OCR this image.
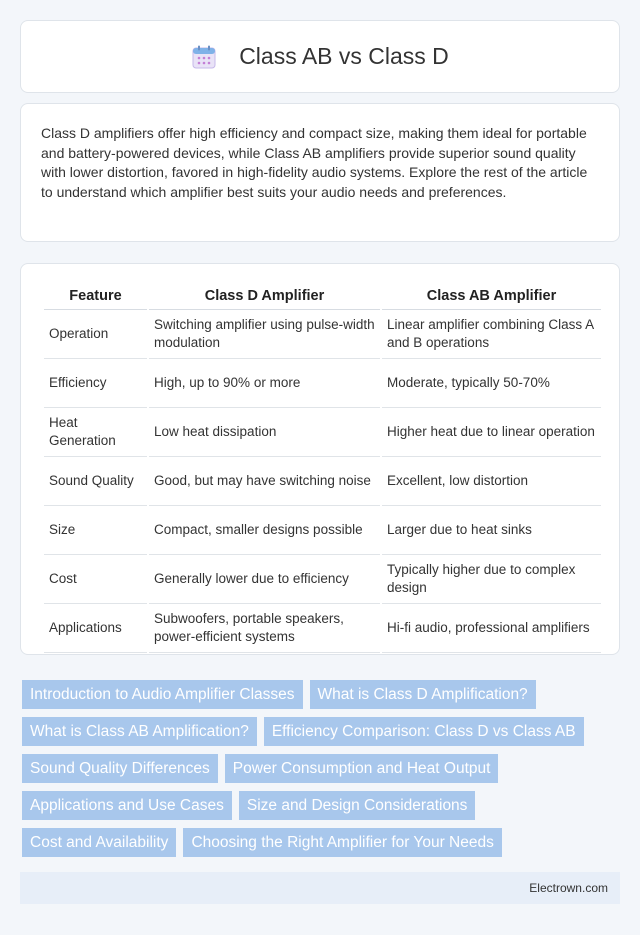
Class AB vs Class D

Class D amplifiers offer high efficiency and compact size, making them ideal for portable and battery-powered devices, while Class AB amplifiers provide superior sound quality with lower distortion, favored in high-fidelity audio systems. Explore the rest of the article to understand which amplifier best suits your audio needs and preferences.

Feature	Class D Amplifier	Class AB Amplifier
Operation	Switching amplifier using pulse-width modulation	Linear amplifier combining Class A and B operations
Efficiency	High, up to 90% or more	Moderate, typically 50-70%
Heat Generation	Low heat dissipation	Higher heat due to linear operation
Sound Quality	Good, but may have switching noise	Excellent, low distortion
Size	Compact, smaller designs possible	Larger due to heat sinks
Cost	Generally lower due to efficiency	Typically higher due to complex design
Applications	Subwoofers, portable speakers, power-efficient systems	Hi-fi audio, professional amplifiers
Introduction to Audio Amplifier Classes	What is Class D Amplification?
What is Class AB Amplification?	Efficiency Comparison: Class D vs Class AB
Sound Quality Differences	Power Consumption and Heat Output
Applications and Use Cases	Size and Design Considerations
Cost and Availability	Choosing the Right Amplifier for Your Needs
Electrown.com
